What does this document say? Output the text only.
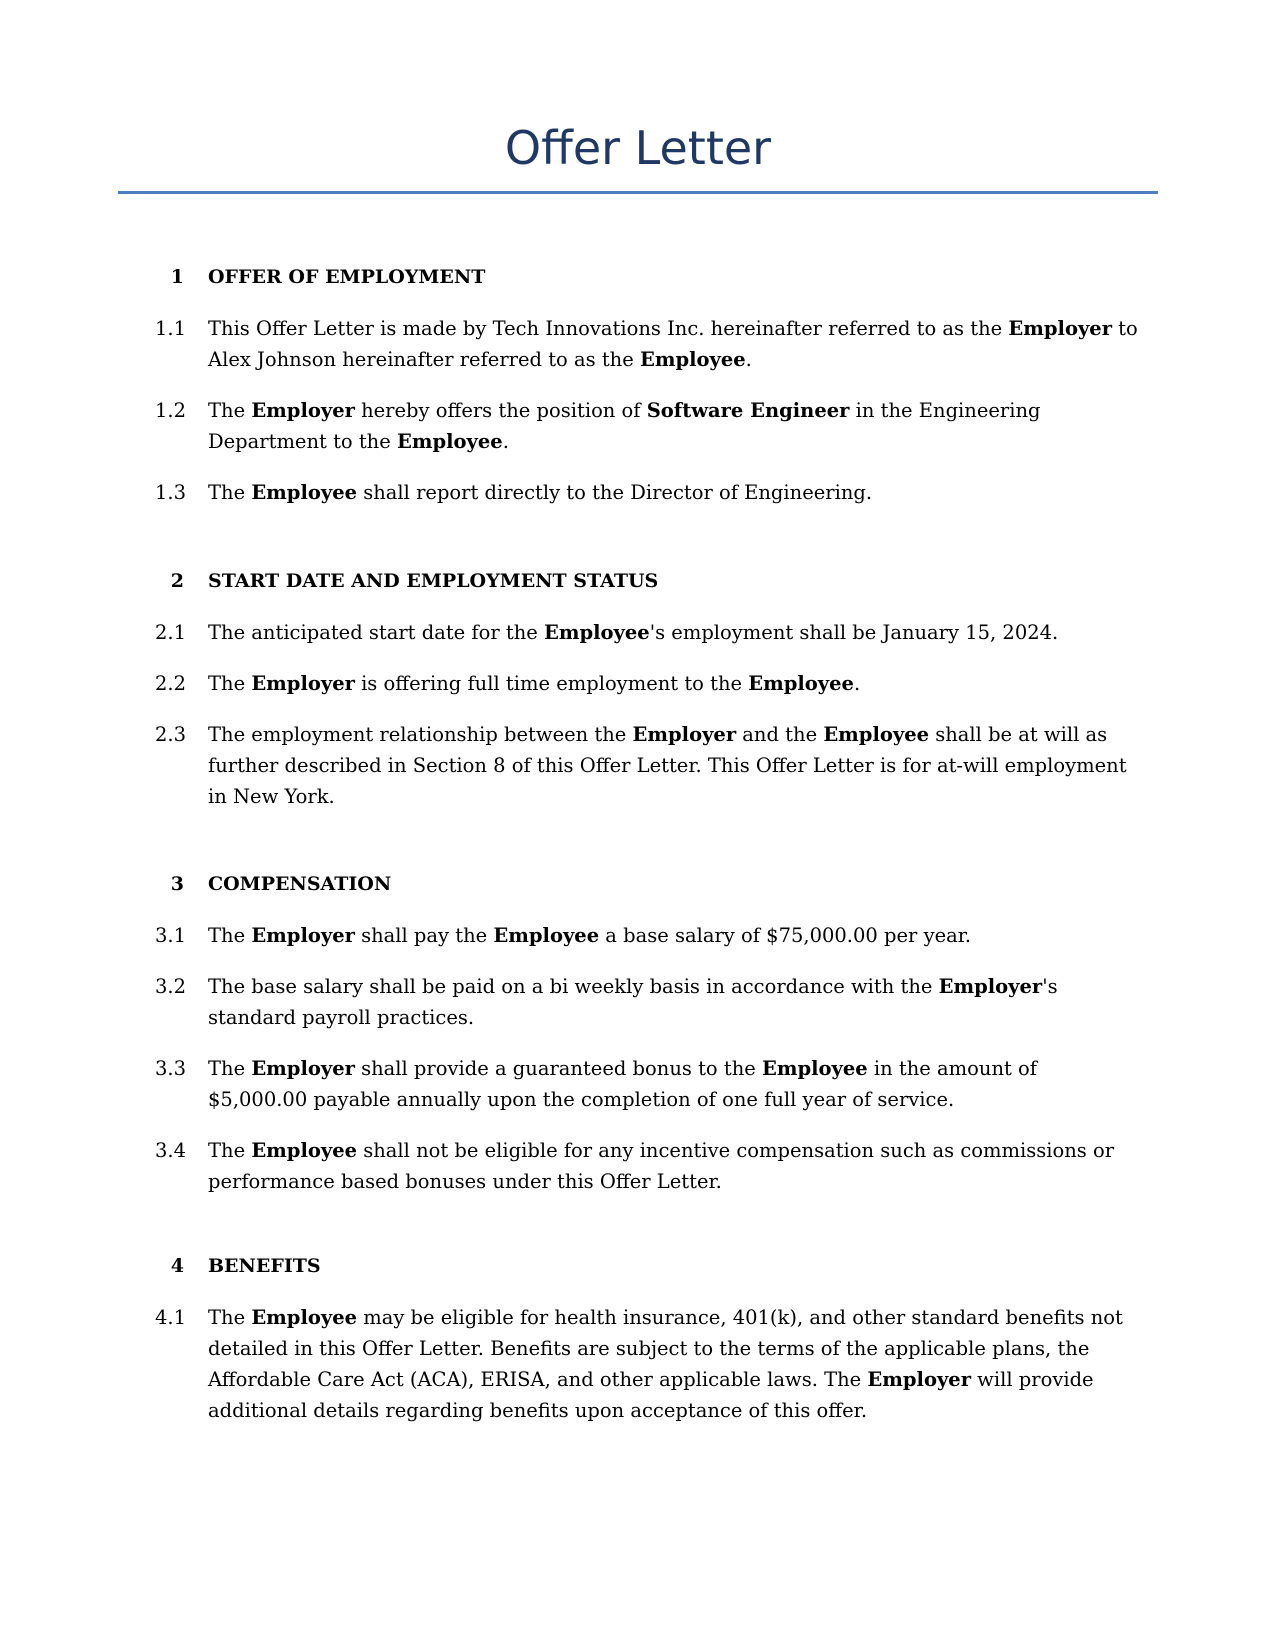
Offer Letter
1 OFFER OF EMPLOYMENT
1.1 This Offer Letter is made by Tech Innovations Inc. hereinafter referred to as the Employer to Alex Johnson hereinafter referred to as the Employee.
1.2 The Employer hereby offers the position of Software Engineer in the Engineering Department to the Employee.
1.3 The Employee shall report directly to the Director of Engineering.
2 START DATE AND EMPLOYMENT STATUS
2.1 The anticipated start date for the Employee's employment shall be January 15, 2024.
2.2 The Employer is offering full time employment to the Employee.
2.3 The employment relationship between the Employer and the Employee shall be at will as further described in Section 8 of this Offer Letter. This Offer Letter is for at-will employment in New York.
3 COMPENSATION
3.1 The Employer shall pay the Employee a base salary of $75,000.00 per year.
3.2 The base salary shall be paid on a bi weekly basis in accordance with the Employer's standard payroll practices.
3.3 The Employer shall provide a guaranteed bonus to the Employee in the amount of $5,000.00 payable annually upon the completion of one full year of service.
3.4 The Employee shall not be eligible for any incentive compensation such as commissions or performance based bonuses under this Offer Letter.
4 BENEFITS
4.1 The Employee may be eligible for health insurance, 401(k), and other standard benefits not detailed in this Offer Letter. Benefits are subject to the terms of the applicable plans, the Affordable Care Act (ACA), ERISA, and other applicable laws. The Employer will provide additional details regarding benefits upon acceptance of this offer.
